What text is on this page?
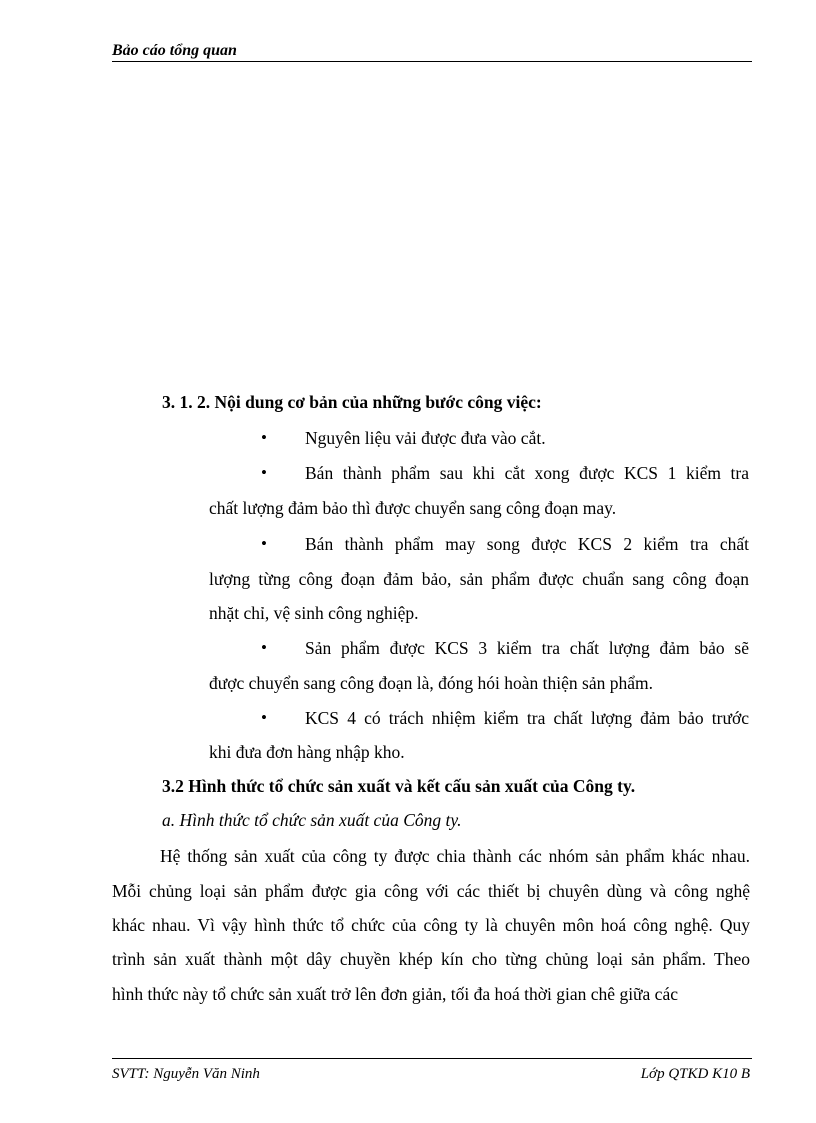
Bảo cáo tổng quan
3. 1. 2. Nội dung cơ bản của những bước công việc:
• Nguyên liệu vải được đưa vào cắt.
• Bán thành phẩm sau khi cắt xong được KCS 1 kiểm tra
chất lượng đảm bảo thì được chuyển sang công đoạn may.
• Bán thành phẩm may song được KCS 2 kiểm tra chất
lượng từng công đoạn đảm bảo, sản phẩm được chuẩn sang công đoạn
nhặt chỉ, vệ sinh công nghiệp.
• Sản phẩm được KCS 3 kiểm tra chất lượng đảm bảo sẽ
được chuyển sang công đoạn là, đóng hói hoàn thiện sản phẩm.
• KCS 4 có trách nhiệm kiểm tra chất lượng đảm bảo trước
khi đưa đơn hàng nhập kho.
3.2 Hình thức tổ chức sản xuất và kết cấu sản xuất của Công ty.
a. Hình thức tổ chức sản xuất của Công ty.
Hệ thống sản xuất của công ty được chia thành các nhóm sản phẩm khác nhau.
Mỗi chủng loại sản phẩm được gia công với các thiết bị chuyên dùng và công nghệ
khác nhau. Vì vậy hình thức tổ chức của công ty là chuyên môn hoá công nghệ. Quy
trình sản xuất thành một dây chuyền khép kín cho từng chủng loại sản phẩm. Theo
hình thức này tổ chức sản xuất trở lên đơn giản, tối đa hoá thời gian chê giữa các
SVTT: Nguyễn Văn Ninh	Lớp QTKD K10 B
